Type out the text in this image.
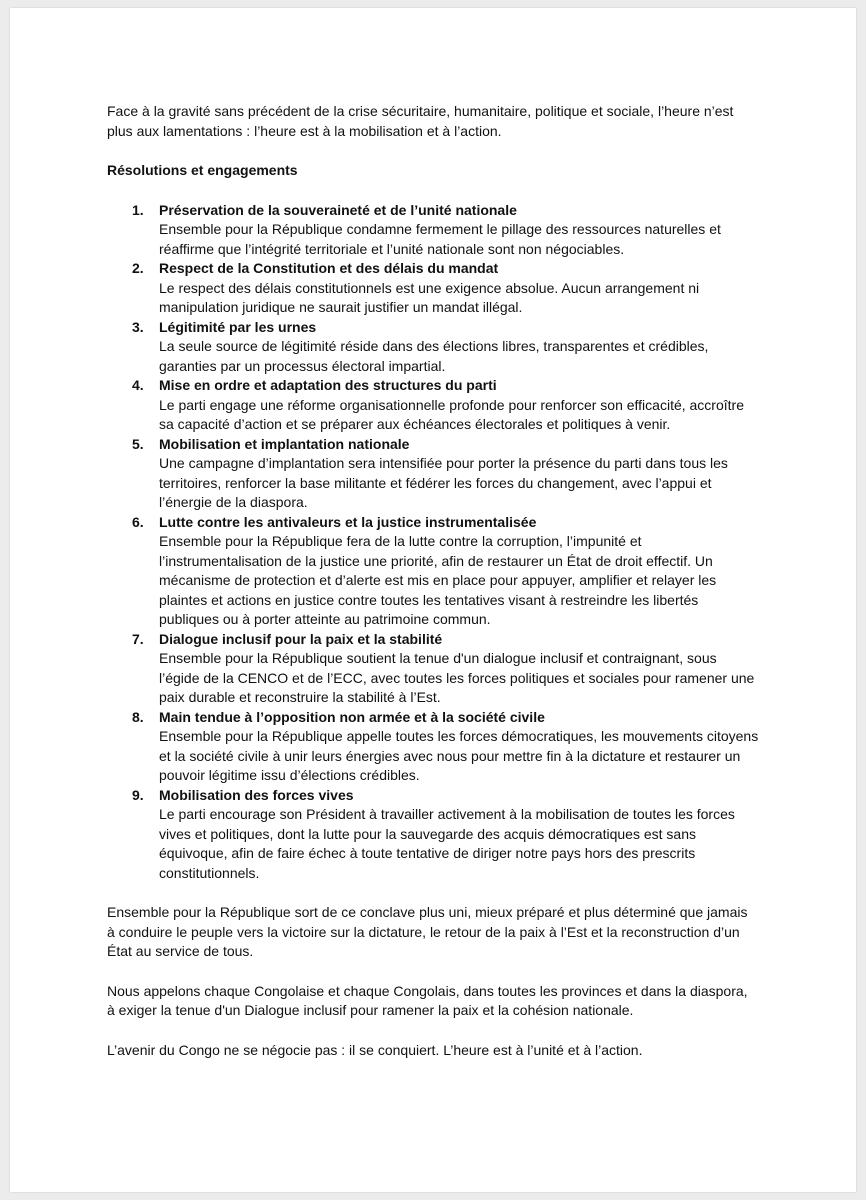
Face à la gravité sans précédent de la crise sécuritaire, humanitaire, politique et sociale, l’heure n’est plus aux lamentations : l’heure est à la mobilisation et à l’action.

Résolutions et engagements

1. Préservation de la souveraineté et de l’unité nationale
Ensemble pour la République condamne fermement le pillage des ressources naturelles et réaffirme que l’intégrité territoriale et l’unité nationale sont non négociables.
2. Respect de la Constitution et des délais du mandat
Le respect des délais constitutionnels est une exigence absolue. Aucun arrangement ni manipulation juridique ne saurait justifier un mandat illégal.
3. Légitimité par les urnes
La seule source de légitimité réside dans des élections libres, transparentes et crédibles, garanties par un processus électoral impartial.
4. Mise en ordre et adaptation des structures du parti
Le parti engage une réforme organisationnelle profonde pour renforcer son efficacité, accroître sa capacité d’action et se préparer aux échéances électorales et politiques à venir.
5. Mobilisation et implantation nationale
Une campagne d’implantation sera intensifiée pour porter la présence du parti dans tous les territoires, renforcer la base militante et fédérer les forces du changement, avec l’appui et l’énergie de la diaspora.
6. Lutte contre les antivaleurs et la justice instrumentalisée
Ensemble pour la République fera de la lutte contre la corruption, l’impunité et l’instrumentalisation de la justice une priorité, afin de restaurer un État de droit effectif. Un mécanisme de protection et d’alerte est mis en place pour appuyer, amplifier et relayer les plaintes et actions en justice contre toutes les tentatives visant à restreindre les libertés publiques ou à porter atteinte au patrimoine commun.
7. Dialogue inclusif pour la paix et la stabilité
Ensemble pour la République soutient la tenue d'un dialogue inclusif et contraignant, sous l’égide de la CENCO et de l’ECC, avec toutes les forces politiques et sociales pour ramener une paix durable et reconstruire la stabilité à l’Est.
8. Main tendue à l’opposition non armée et à la société civile
Ensemble pour la République appelle toutes les forces démocratiques, les mouvements citoyens et la société civile à unir leurs énergies avec nous pour mettre fin à la dictature et restaurer un pouvoir légitime issu d’élections crédibles.
9. Mobilisation des forces vives
Le parti encourage son Président à travailler activement à la mobilisation de toutes les forces vives et politiques, dont la lutte pour la sauvegarde des acquis démocratiques est sans équivoque, afin de faire échec à toute tentative de diriger notre pays hors des prescrits constitutionnels.

Ensemble pour la République sort de ce conclave plus uni, mieux préparé et plus déterminé que jamais à conduire le peuple vers la victoire sur la dictature, le retour de la paix à l’Est et la reconstruction d’un État au service de tous.

Nous appelons chaque Congolaise et chaque Congolais, dans toutes les provinces et dans la diaspora, à exiger la tenue d'un Dialogue inclusif pour ramener la paix et la cohésion nationale.

L’avenir du Congo ne se négocie pas : il se conquiert. L’heure est à l’unité et à l’action.
